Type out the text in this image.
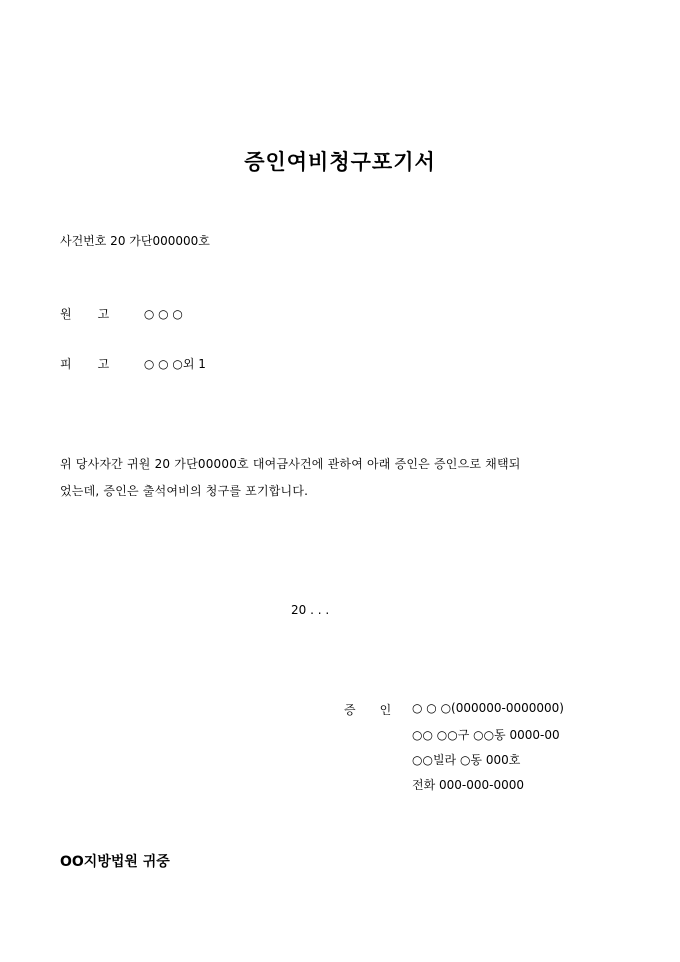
증인여비청구포기서
사건번호 20 가단000000호
원고 ○ ○ ○
피고 ○ ○ ○외 1
위 당사자간 귀원 20 가단00000호 대여금사건에 관하여 아래 증인은 증인으로 채택되
었는데, 증인은 출석여비의 청구를 포기합니다.
20 . . .
증인
○ ○ ○(000000-0000000)
○○ ○○구 ○○동 0000-00
○○빌라 ○동 000호
전화 000-000-0000
OO지방법원 귀중
